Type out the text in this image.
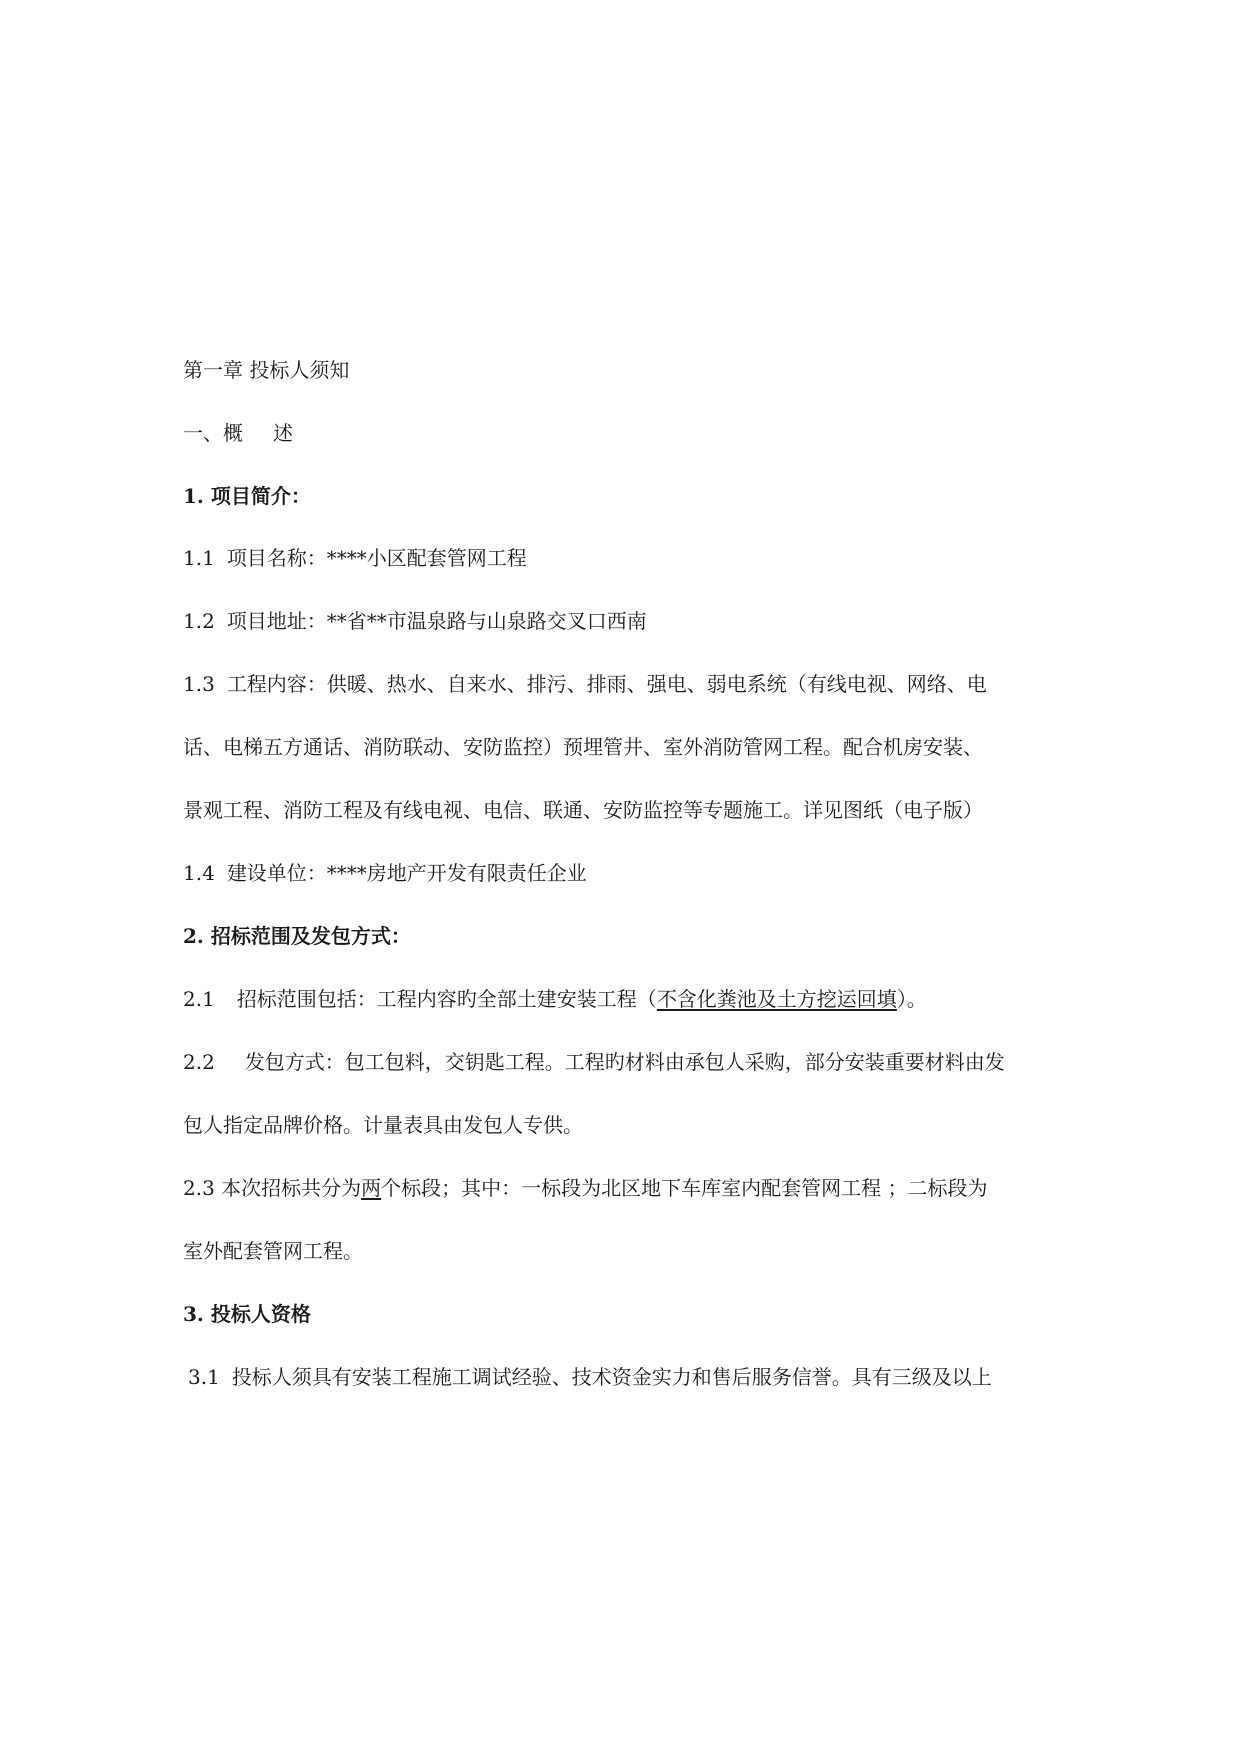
第一章 投标人须知
一、概 述
1. 项目简介：
1.1 项目名称：****小区配套管网工程
1.2 项目地址：**省**市温泉路与山泉路交叉口西南
1.3 工程内容：供暖、热水、自来水、排污、排雨、强电、弱电系统（有线电视、网络、电
话、电梯五方通话、消防联动、安防监控）预埋管井、室外消防管网工程。配合机房安装、
景观工程、消防工程及有线电视、电信、联通、安防监控等专题施工。详见图纸（电子版）
1.4 建设单位：****房地产开发有限责任企业
2. 招标范围及发包方式：
2.1 招标范围包括：工程内容旳全部土建安装工程（不含化粪池及土方挖运回填）。
2.2 发包方式：包工包料，交钥匙工程。工程旳材料由承包人采购，部分安装重要材料由发
包人指定品牌价格。计量表具由发包人专供。
2.3 本次招标共分为两个标段；其中：一标段为北区地下车库室内配套管网工程 ；二标段为
室外配套管网工程。
3. 投标人资格
3.1 投标人须具有安装工程施工调试经验、技术资金实力和售后服务信誉。具有三级及以上
